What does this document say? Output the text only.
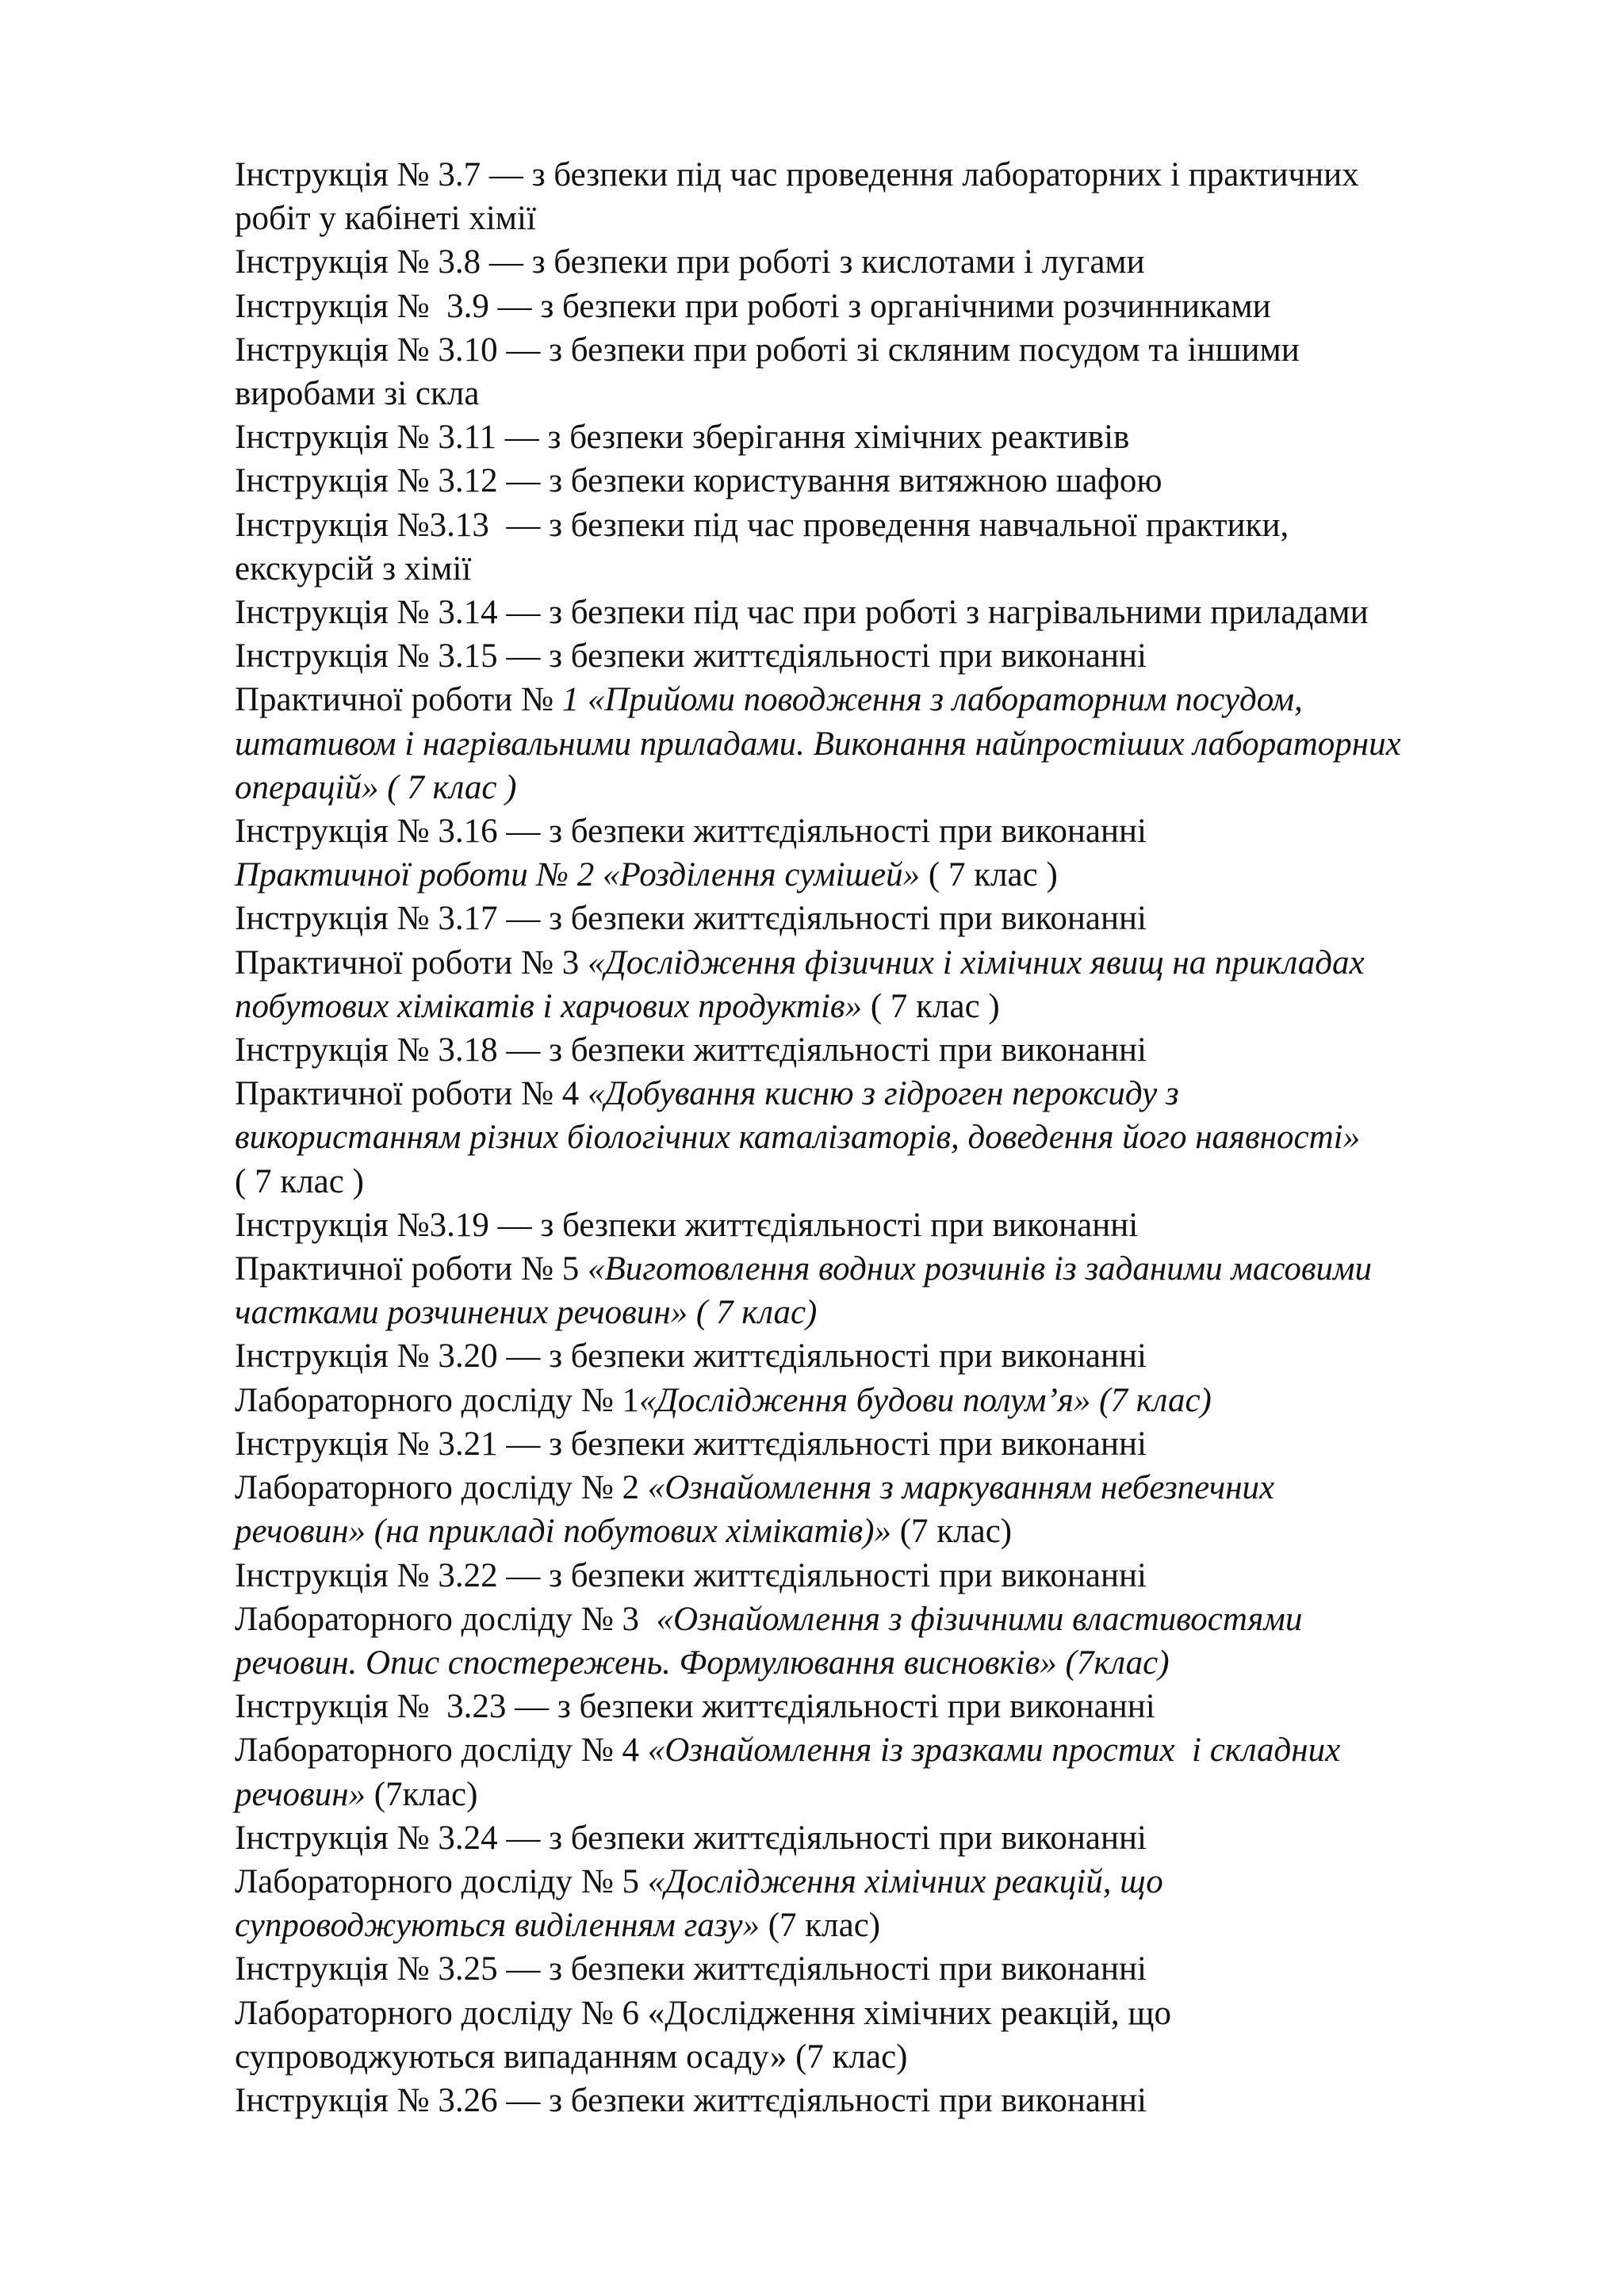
Інструкція № 3.7 — з безпеки під час проведення лабораторних і практичних
робіт у кабінеті хімії
Інструкція № 3.8 — з безпеки при роботі з кислотами і лугами
Інструкція №  3.9 — з безпеки при роботі з органічними розчинниками
Інструкція № 3.10 — з безпеки при роботі зі скляним посудом та іншими
виробами зі скла
Інструкція № 3.11 — з безпеки зберігання хімічних реактивів
Інструкція № 3.12 — з безпеки користування витяжною шафою
Інструкція №3.13  — з безпеки під час проведення навчальної практики,
екскурсій з хімії
Інструкція № 3.14 — з безпеки під час при роботі з нагрівальними приладами
Інструкція № 3.15 — з безпеки життєдіяльності при виконанні
Практичної роботи № 1 «Прийоми поводження з лабораторним посудом,
штативом і нагрівальними приладами. Виконання найпростіших лабораторних
операцій» ( 7 клас )
Інструкція № 3.16 — з безпеки життєдіяльності при виконанні
Практичної роботи № 2 «Розділення сумішей» ( 7 клас )
Інструкція № 3.17 — з безпеки життєдіяльності при виконанні
Практичної роботи № 3 «Дослідження фізичних і хімічних явищ на прикладах
побутових хімікатів і харчових продуктів» ( 7 клас )
Інструкція № 3.18 — з безпеки життєдіяльності при виконанні
Практичної роботи № 4 «Добування кисню з гідроген пероксиду з
використанням різних біологічних каталізаторів, доведення його наявності»
( 7 клас )
Інструкція №3.19 — з безпеки життєдіяльності при виконанні
Практичної роботи № 5 «Виготовлення водних розчинів із заданими масовими
частками розчинених речовин» ( 7 клас)
Інструкція № 3.20 — з безпеки життєдіяльності при виконанні
Лабораторного досліду № 1«Дослідження будови полум’я» (7 клас)
Інструкція № 3.21 — з безпеки життєдіяльності при виконанні
Лабораторного досліду № 2 «Ознайомлення з маркуванням небезпечних
речовин» (на прикладі побутових хімікатів)» (7 клас)
Інструкція № 3.22 — з безпеки життєдіяльності при виконанні
Лабораторного досліду № 3  «Ознайомлення з фізичними властивостями
речовин. Опис спостережень. Формулювання висновків» (7клас)
Інструкція №  3.23 — з безпеки життєдіяльності при виконанні
Лабораторного досліду № 4 «Ознайомлення із зразками простих  і складних
речовин» (7клас)
Інструкція № 3.24 — з безпеки життєдіяльності при виконанні
Лабораторного досліду № 5 «Дослідження хімічних реакцій, що
супроводжуються виділенням газу» (7 клас)
Інструкція № 3.25 — з безпеки життєдіяльності при виконанні
Лабораторного досліду № 6 «Дослідження хімічних реакцій, що
супроводжуються випаданням осаду» (7 клас)
Інструкція № 3.26 — з безпеки життєдіяльності при виконанні
